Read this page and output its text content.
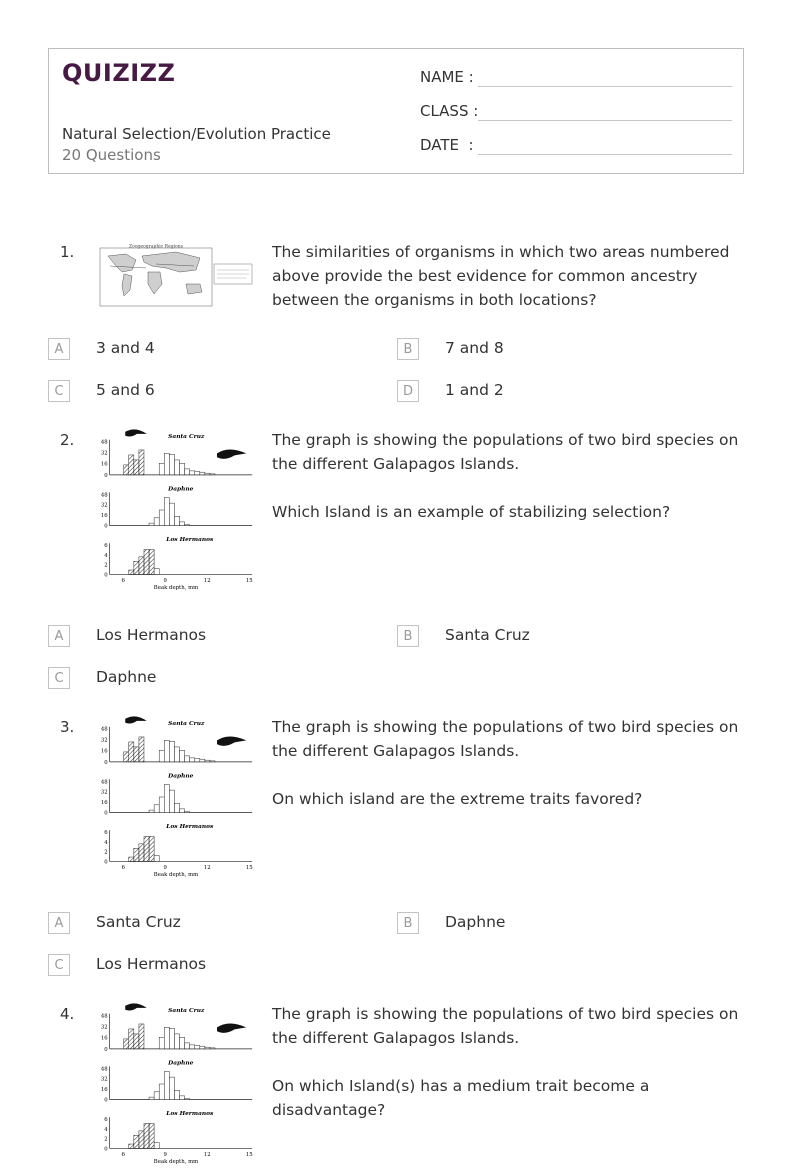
QUIZIZZ
Natural Selection/Evolution Practice
20 Questions
NAME :
CLASS :
DATE  :
1.	Zoogeographic Regions	The similarities of organisms in which two areas numbered above provide the best evidence for common ancestry between the organisms in both locations?

A	3 and 4	B	7 and 8
C	5 and 6	D	1 and 2
2.	Santa Cruz
48
32
16
0
Daphne
48
32
16
0
Los Hermanos
6
4
2
0
6	9	12	15
Beak depth, mm

The graph is showing the populations of two bird species on the different Galapagos Islands.

Which Island is an example of stabilizing selection?

A	Los Hermanos	B	Santa Cruz
C	Daphne
3.	Santa Cruz
48
32
16
0
Daphne
48
32
16
0
Los Hermanos
6
4
2
0
6	9	12	15
Beak depth, mm

The graph is showing the populations of two bird species on the different Galapagos Islands.

On which island are the extreme traits favored?

A	Santa Cruz	B	Daphne
C	Los Hermanos
4.	Santa Cruz
48
32
16
0
Daphne
48
32
16
0
Los Hermanos
6
4
2
0
6	9	12	15
Beak depth, mm

The graph is showing the populations of two bird species on the different Galapagos Islands.

On which Island(s) has a medium trait become a disadvantage?
